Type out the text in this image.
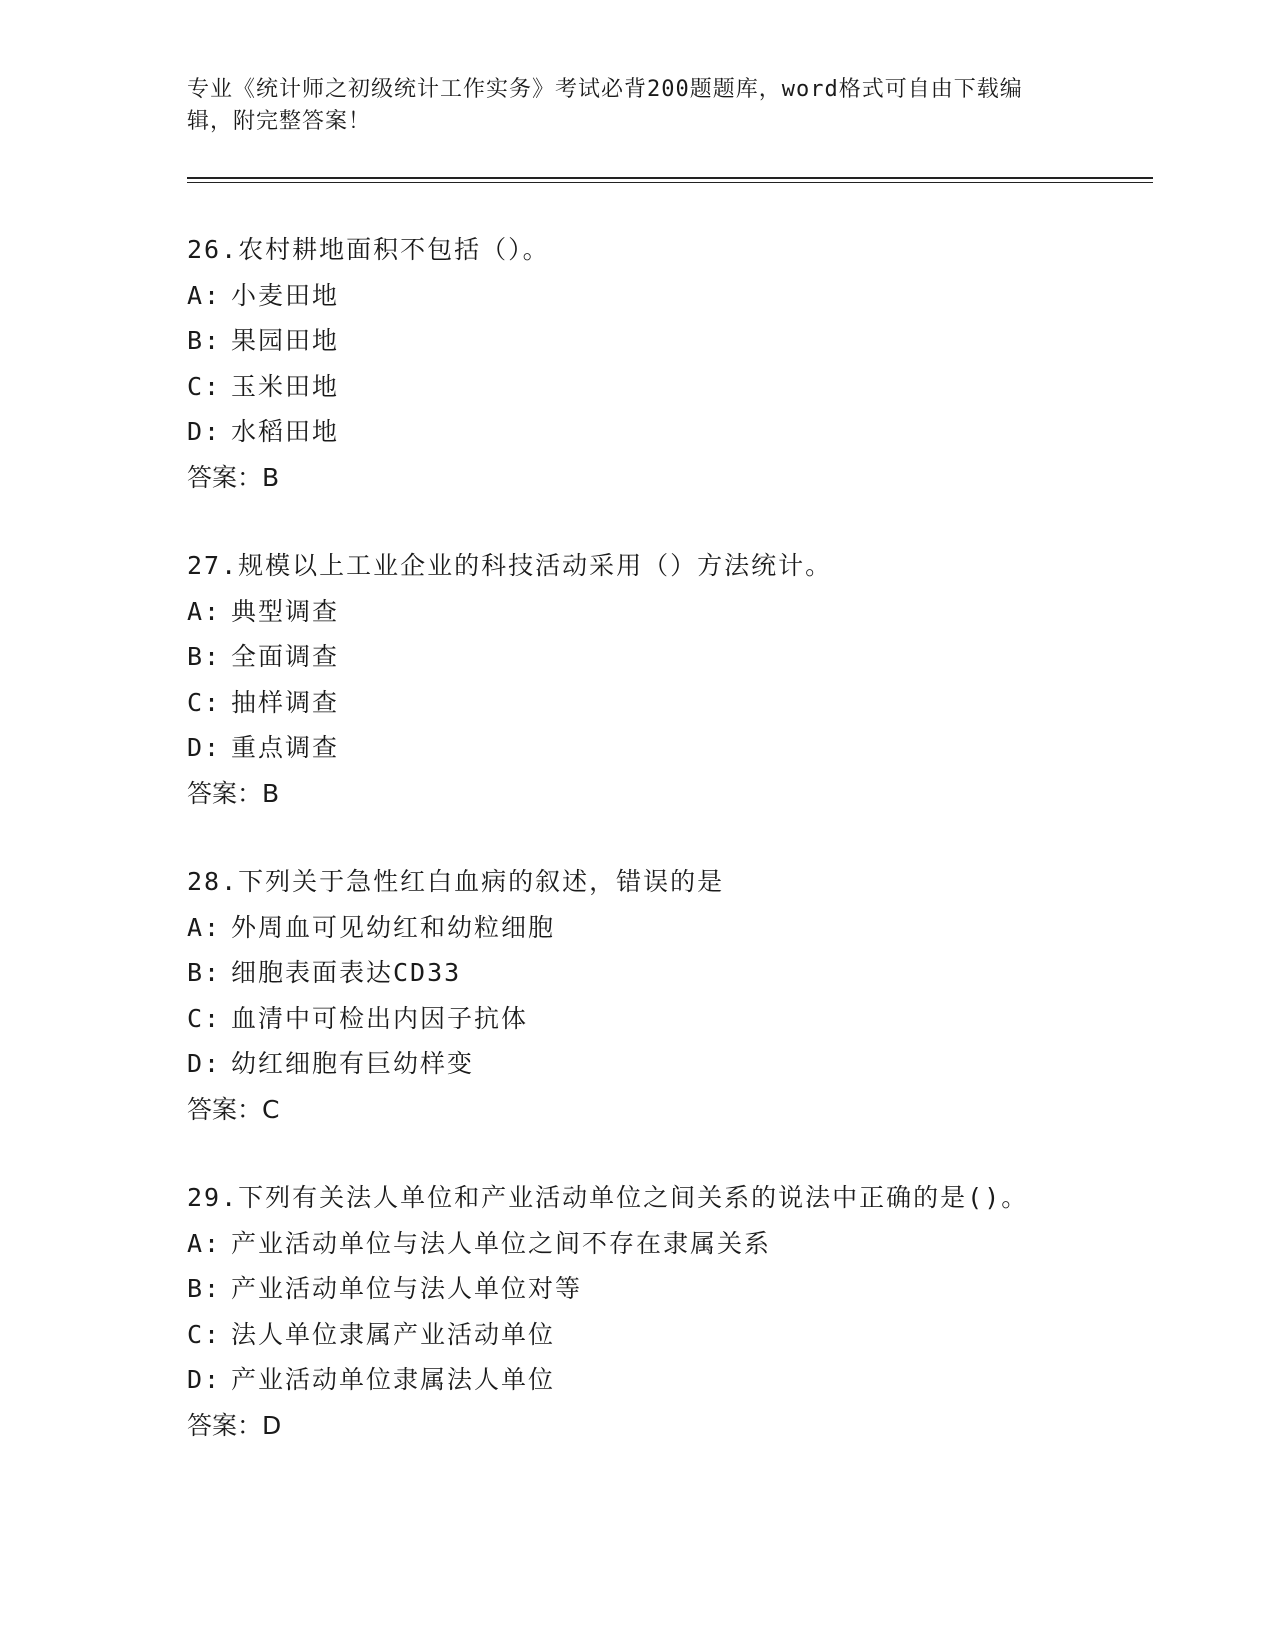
专业《统计师之初级统计工作实务》考试必背200题题库，word格式可自由下载编辑，附完整答案！
26.农村耕地面积不包括（）。
A: 小麦田地
B: 果园田地
C: 玉米田地
D: 水稻田地
答案：B
27.规模以上工业企业的科技活动采用（）方法统计。
A: 典型调查
B: 全面调查
C: 抽样调查
D: 重点调查
答案：B
28.下列关于急性红白血病的叙述，错误的是
A: 外周血可见幼红和幼粒细胞
B: 细胞表面表达CD33
C: 血清中可检出内因子抗体
D: 幼红细胞有巨幼样变
答案：C
29.下列有关法人单位和产业活动单位之间关系的说法中正确的是()。
A: 产业活动单位与法人单位之间不存在隶属关系
B: 产业活动单位与法人单位对等
C: 法人单位隶属产业活动单位
D: 产业活动单位隶属法人单位
答案：D
